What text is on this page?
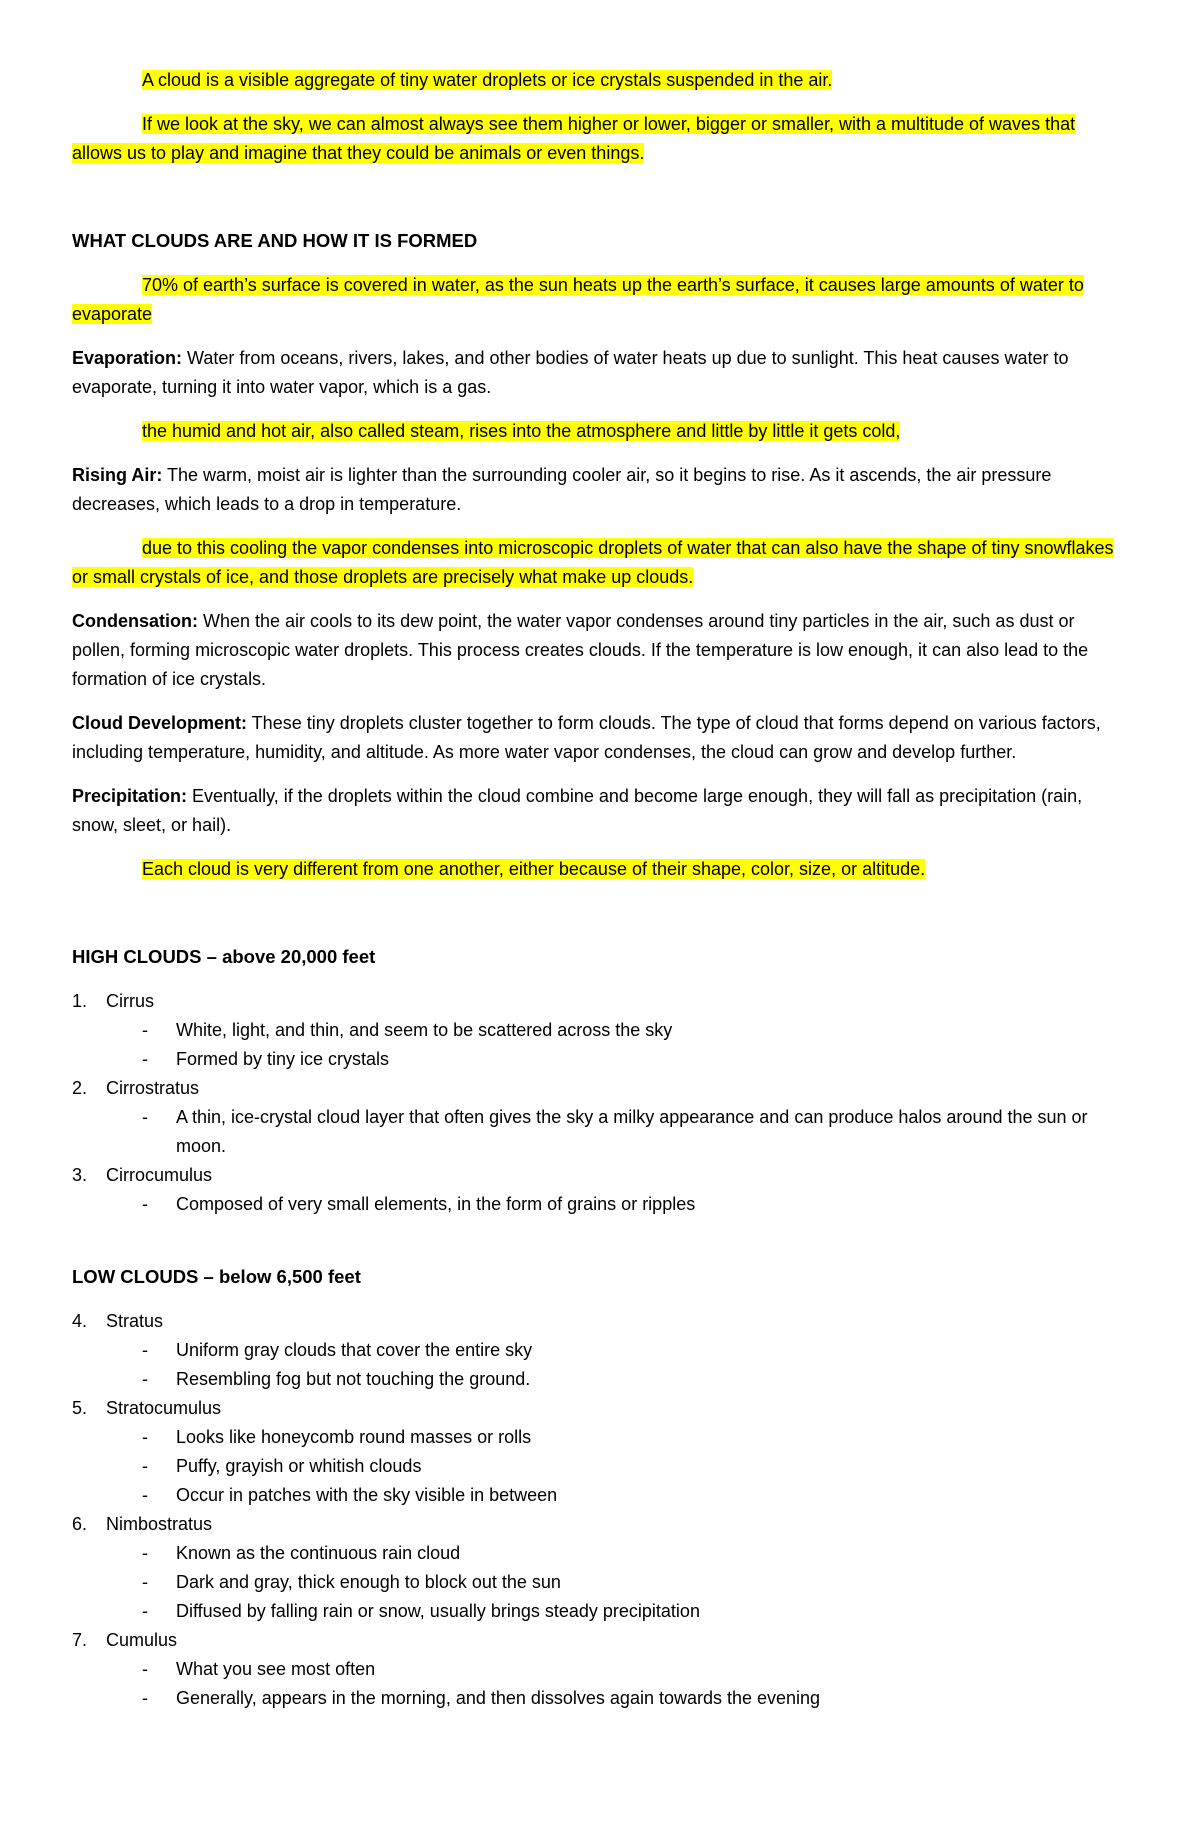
A cloud is a visible aggregate of tiny water droplets or ice crystals suspended in the air.

If we look at the sky, we can almost always see them higher or lower, bigger or smaller, with a multitude of waves that allows us to play and imagine that they could be animals or even things.

WHAT CLOUDS ARE AND HOW IT IS FORMED

70% of earth’s surface is covered in water, as the sun heats up the earth’s surface, it causes large amounts of water to evaporate

Evaporation: Water from oceans, rivers, lakes, and other bodies of water heats up due to sunlight. This heat causes water to evaporate, turning it into water vapor, which is a gas.

the humid and hot air, also called steam, rises into the atmosphere and little by little it gets cold,

Rising Air: The warm, moist air is lighter than the surrounding cooler air, so it begins to rise. As it ascends, the air pressure decreases, which leads to a drop in temperature.

due to this cooling the vapor condenses into microscopic droplets of water that can also have the shape of tiny snowflakes or small crystals of ice, and those droplets are precisely what make up clouds.

Condensation: When the air cools to its dew point, the water vapor condenses around tiny particles in the air, such as dust or pollen, forming microscopic water droplets. This process creates clouds. If the temperature is low enough, it can also lead to the formation of ice crystals.

Cloud Development: These tiny droplets cluster together to form clouds. The type of cloud that forms depend on various factors, including temperature, humidity, and altitude. As more water vapor condenses, the cloud can grow and develop further.

Precipitation: Eventually, if the droplets within the cloud combine and become large enough, they will fall as precipitation (rain, snow, sleet, or hail).

Each cloud is very different from one another, either because of their shape, color, size, or altitude.

HIGH CLOUDS – above 20,000 feet

1. Cirrus
- White, light, and thin, and seem to be scattered across the sky
- Formed by tiny ice crystals
2. Cirrostratus
- A thin, ice-crystal cloud layer that often gives the sky a milky appearance and can produce halos around the sun or moon.
3. Cirrocumulus
- Composed of very small elements, in the form of grains or ripples

LOW CLOUDS – below 6,500 feet

4. Stratus
- Uniform gray clouds that cover the entire sky
- Resembling fog but not touching the ground.
5. Stratocumulus
- Looks like honeycomb round masses or rolls
- Puffy, grayish or whitish clouds
- Occur in patches with the sky visible in between
6. Nimbostratus
- Known as the continuous rain cloud
- Dark and gray, thick enough to block out the sun
- Diffused by falling rain or snow, usually brings steady precipitation
7. Cumulus
- What you see most often
- Generally, appears in the morning, and then dissolves again towards the evening
